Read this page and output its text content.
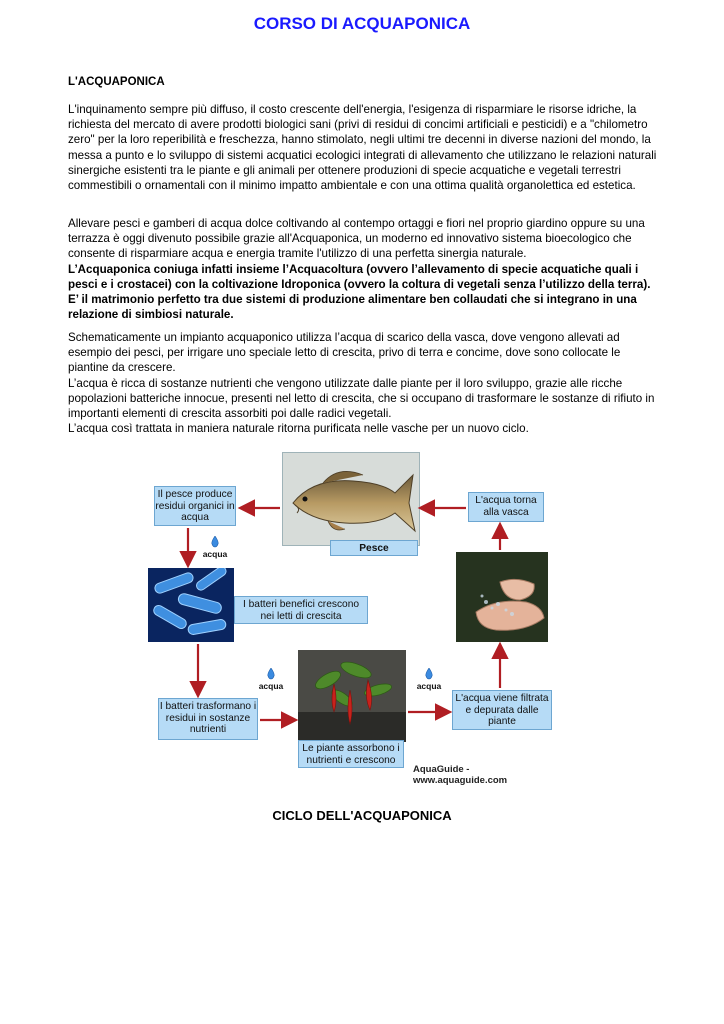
CORSO DI ACQUAPONICA
L'ACQUAPONICA

L'inquinamento sempre più diffuso, il costo crescente dell'energia, l'esigenza di risparmiare le risorse idriche, la richiesta del mercato di avere prodotti biologici sani (privi di residui di concimi artificiali e pesticidi) e a "chilometro zero" per la loro reperibilità e freschezza, hanno stimolato, negli ultimi tre decenni in diverse nazioni del mondo, la messa a punto e lo sviluppo di sistemi acquatici ecologici integrati di allevamento che utilizzano le relazioni naturali sinergiche esistenti tra le piante e gli animali per ottenere produzioni di specie acquatiche e vegetali terrestri commestibili o ornamentali con il minimo impatto ambientale e con una ottima qualità organolettica ed estetica.

Allevare pesci e gamberi di acqua dolce coltivando al contempo ortaggi e fiori nel proprio giardino oppure su una terrazza è oggi divenuto possibile grazie all'Acquaponica, un moderno ed innovativo sistema bioecologico che consente di risparmiare acqua e energia tramite l'utilizzo di una perfetta sinergia naturale.
L’Acquaponica coniuga infatti insieme l’Acquacoltura (ovvero l’allevamento di specie acquatiche quali i pesci e i crostacei) con la coltivazione Idroponica (ovvero la coltura di vegetali senza l’utilizzo della terra). E’ il matrimonio perfetto tra due sistemi di produzione alimentare ben collaudati che si integrano in una relazione di simbiosi naturale.

Schematicamente un impianto acquaponico utilizza l’acqua di scarico della vasca, dove vengono allevati ad esempio dei pesci, per irrigare uno speciale letto di crescita, privo di terra e concime, dove sono collocate le piantine da crescere.
L’acqua è ricca di sostanze nutrienti che vengono utilizzate dalle piante per il loro sviluppo, grazie alle ricche popolazioni batteriche innocue, presenti nel letto di crescita, che si occupano di trasformare le sostanze di rifiuto in importanti elementi di crescita assorbiti poi dalle radici vegetali.
L’acqua così trattata in maniera naturale ritorna purificata nelle vasche per un nuovo ciclo.

Pesce
Il pesce produce residui organici in acqua
L'acqua torna alla vasca
I batteri benefici crescono nei letti di crescita
Le piante assorbono i nutrienti e crescono
I batteri trasformano i residui in sostanze nutrienti
L'acqua viene filtrata e depurata dalle piante
acqua
acqua	acqua
AquaGuide - www.aquaguide.com
CICLO DELL'ACQUAPONICA
